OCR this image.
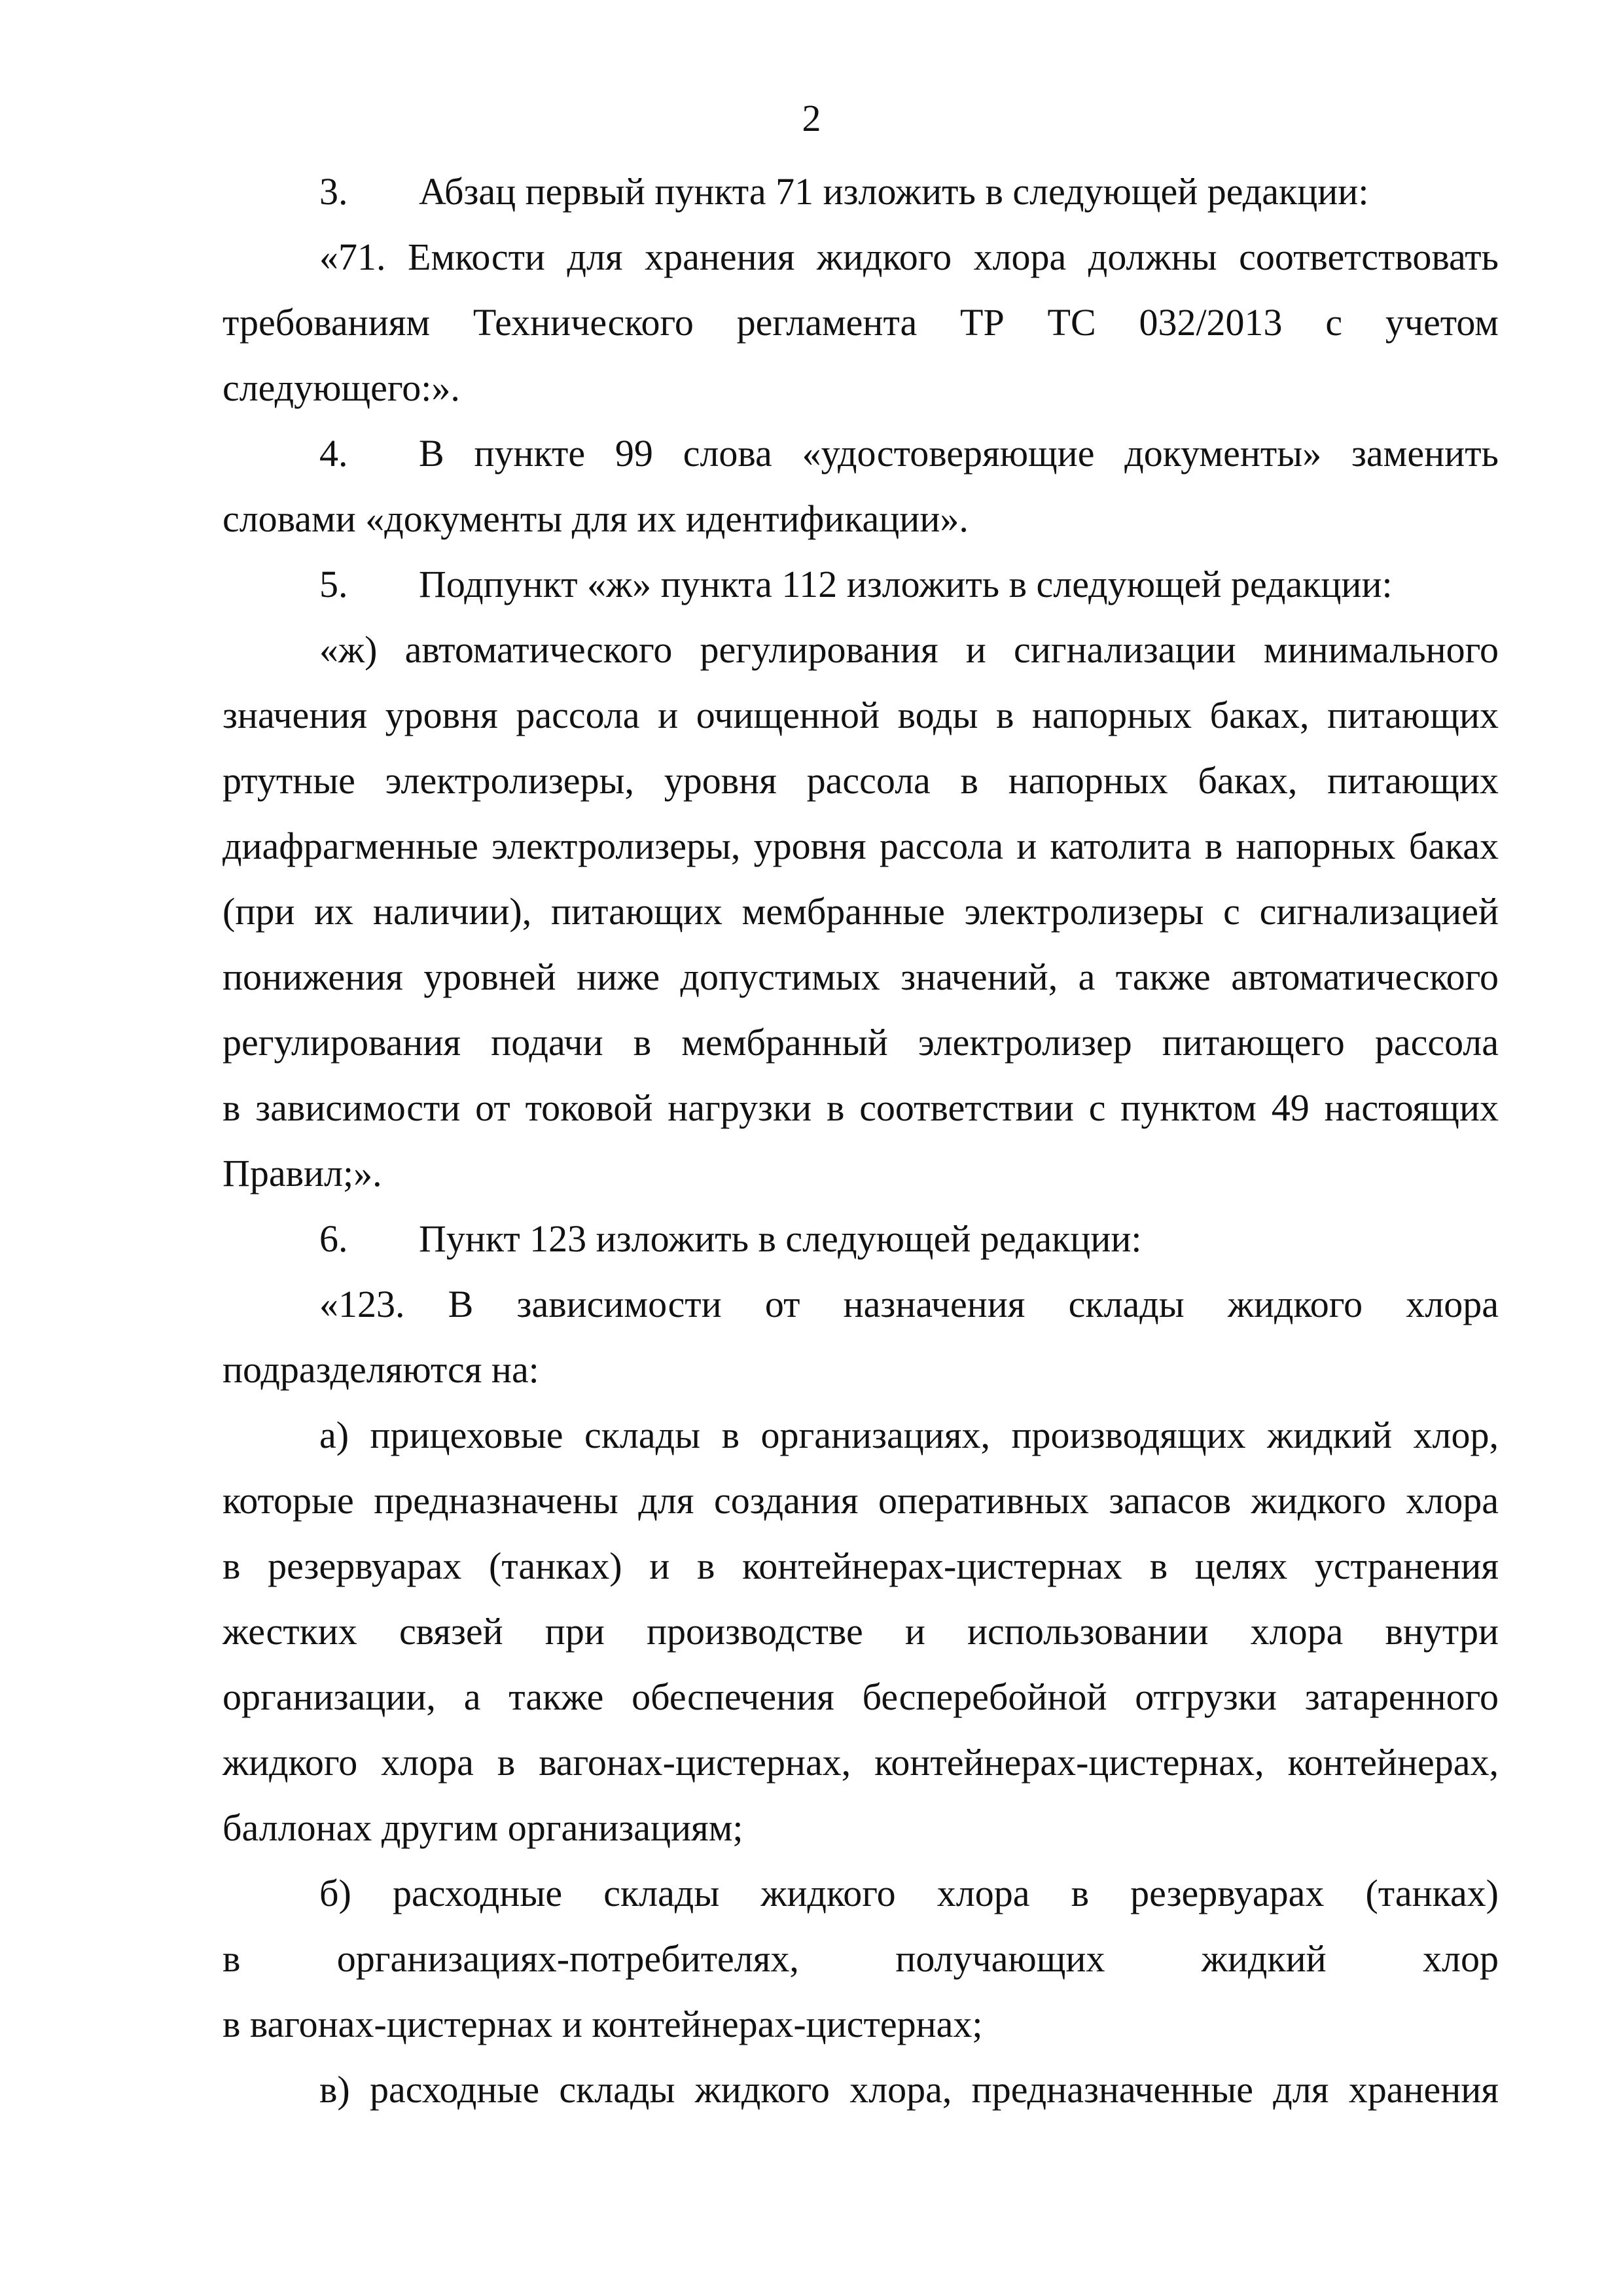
2
3. Абзац первый пункта 71 изложить в следующей редакции:
«71. Емкости для хранения жидкого хлора должны соответствовать
требованиям Технического регламента ТР ТС 032/2013 с учетом
следующего:».
4. В пункте 99 слова «удостоверяющие документы» заменить
словами «документы для их идентификации».
5. Подпункт «ж» пункта 112 изложить в следующей редакции:
«ж) автоматического регулирования и сигнализации минимального
значения уровня рассола и очищенной воды в напорных баках, питающих
ртутные электролизеры, уровня рассола в напорных баках, питающих
диафрагменные электролизеры, уровня рассола и католита в напорных баках
(при их наличии), питающих мембранные электролизеры с сигнализацией
понижения уровней ниже допустимых значений, а также автоматического
регулирования подачи в мембранный электролизер питающего рассола
в зависимости от токовой нагрузки в соответствии с пунктом 49 настоящих
Правил;».
6. Пункт 123 изложить в следующей редакции:
«123. В зависимости от назначения склады жидкого хлора
подразделяются на:
а) прицеховые склады в организациях, производящих жидкий хлор,
которые предназначены для создания оперативных запасов жидкого хлора
в резервуарах (танках) и в контейнерах-цистернах в целях устранения
жестких связей при производстве и использовании хлора внутри
организации, а также обеспечения бесперебойной отгрузки затаренного
жидкого хлора в вагонах-цистернах, контейнерах-цистернах, контейнерах,
баллонах другим организациям;
б) расходные склады жидкого хлора в резервуарах (танках)
в организациях-потребителях, получающих жидкий хлор
в вагонах-цистернах и контейнерах-цистернах;
в) расходные склады жидкого хлора, предназначенные для хранения
